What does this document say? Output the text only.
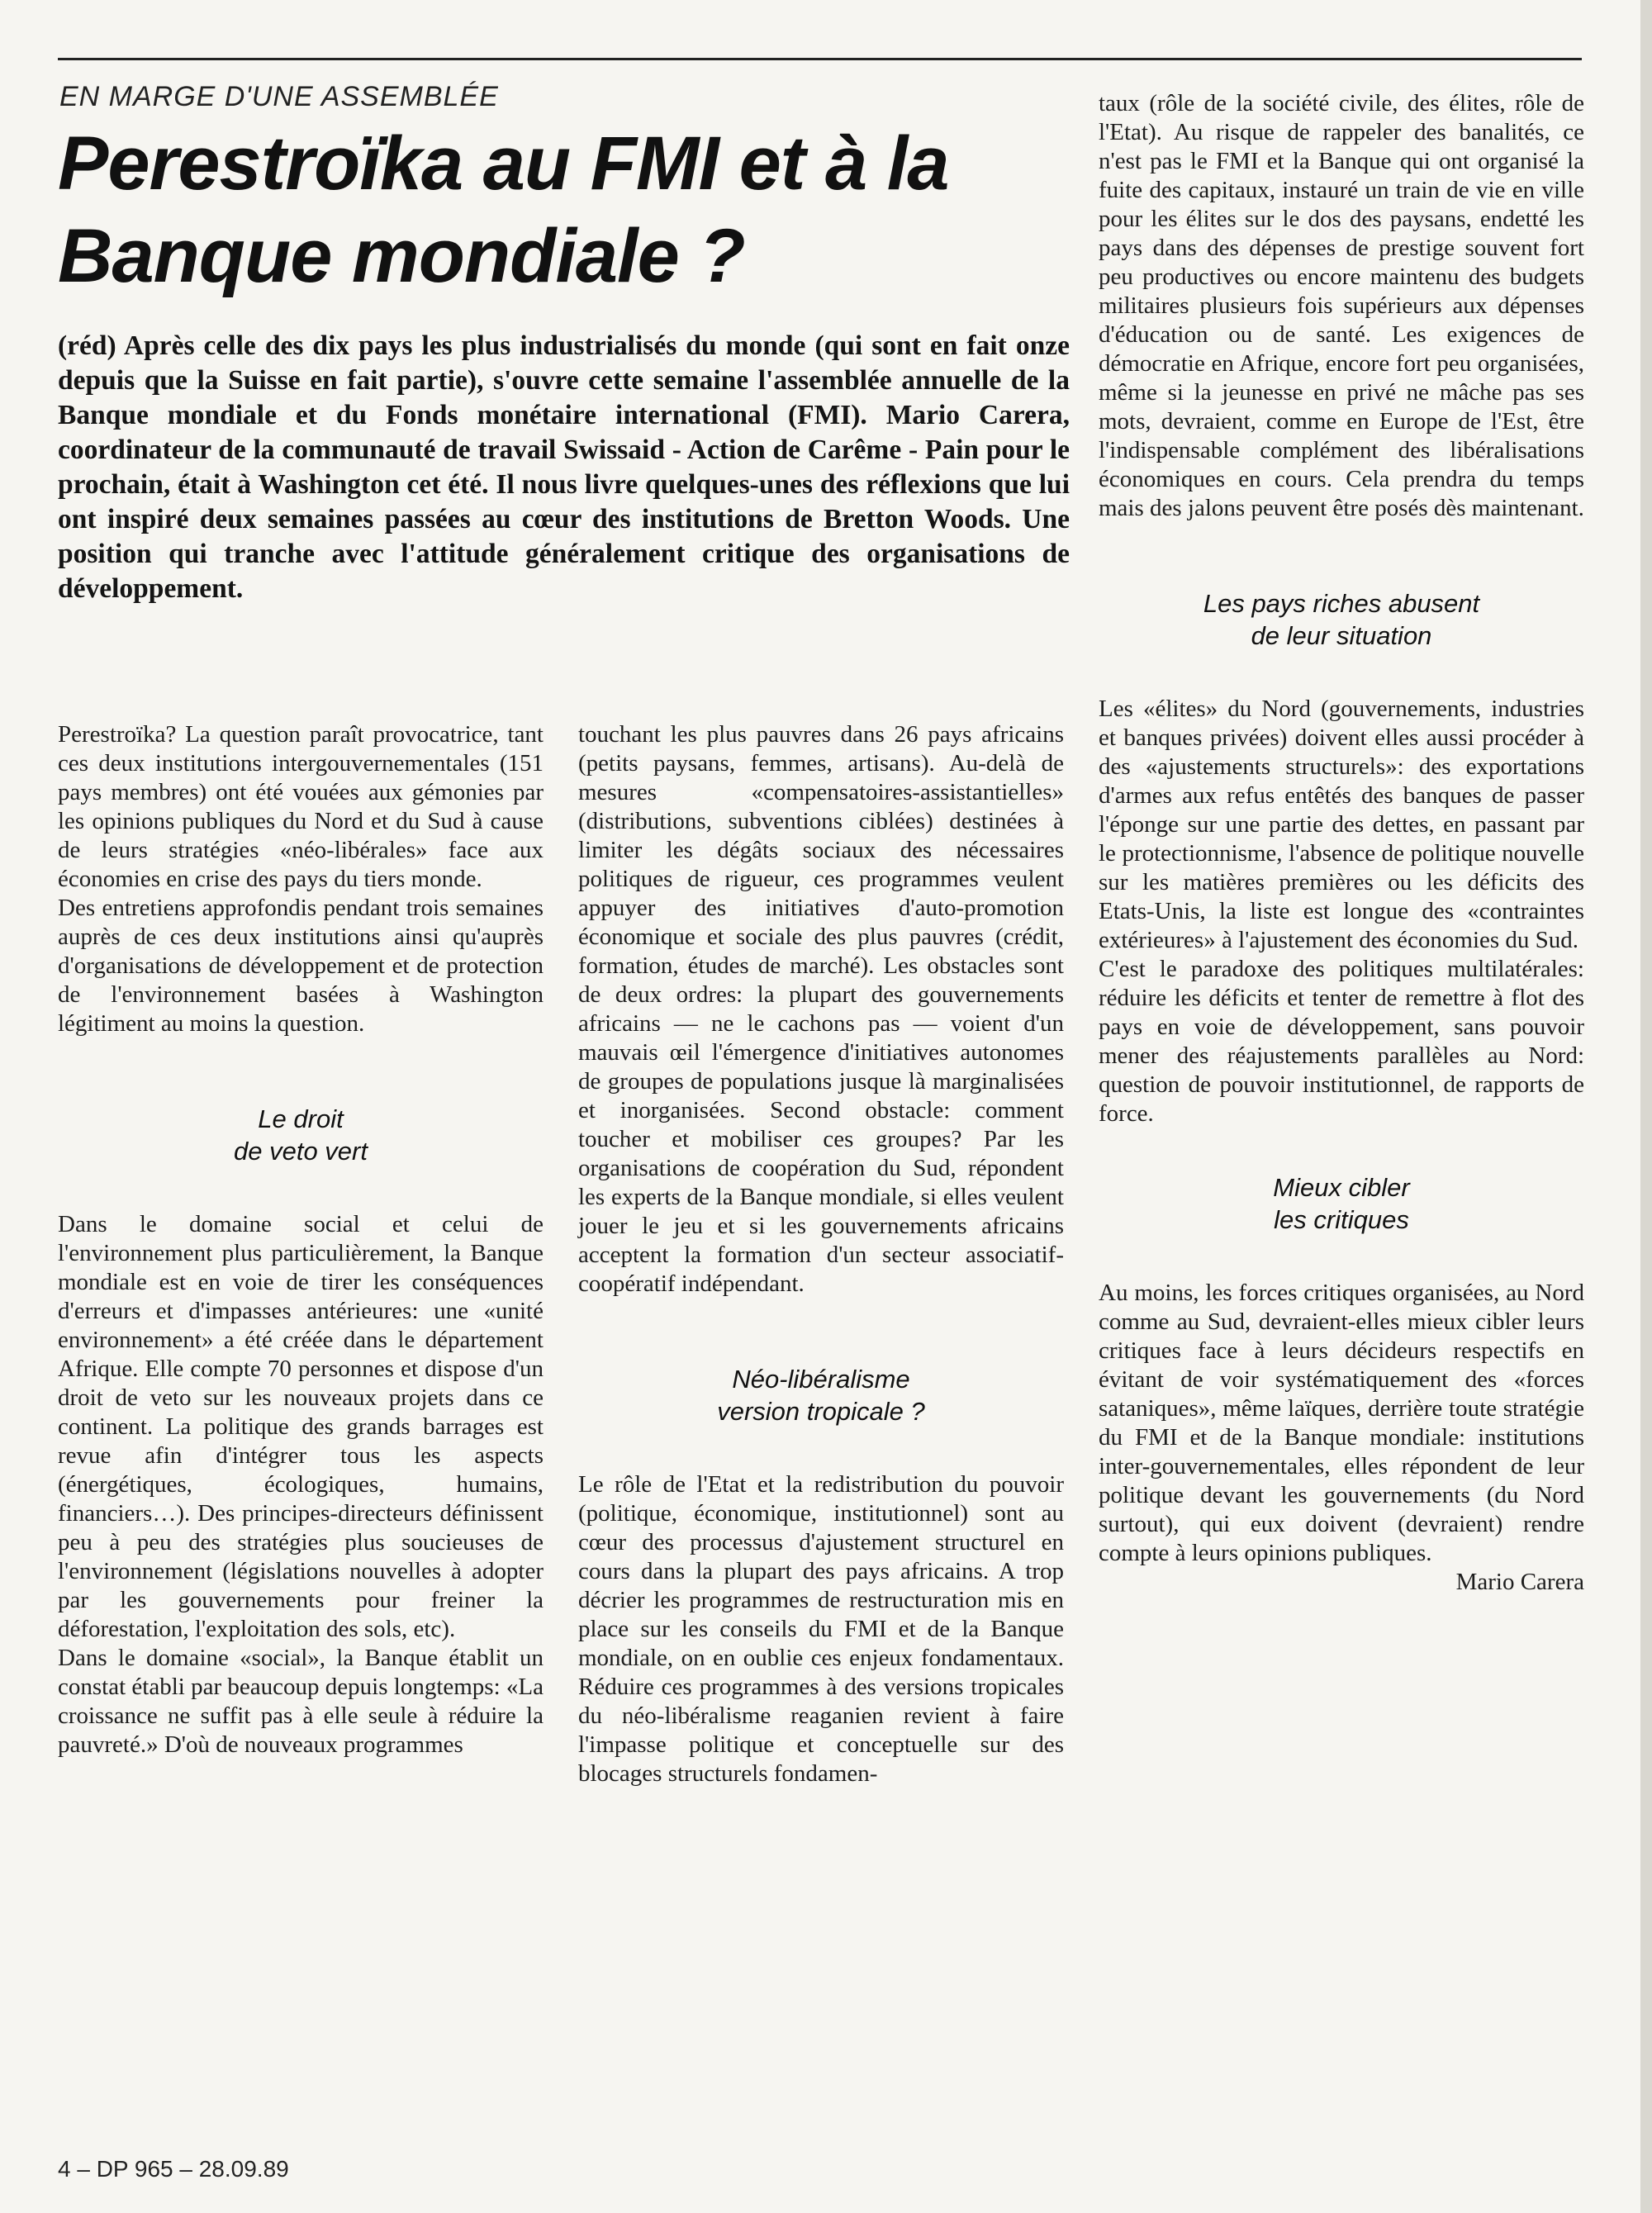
EN MARGE D'UNE ASSEMBLÉE
Perestroïka au FMI et à la
Banque mondiale ?

(réd) Après celle des dix pays les plus industrialisés du monde (qui sont en fait onze depuis que la Suisse en fait partie), s'ouvre cette semaine l'assemblée annuelle de la Banque mondiale et du Fonds monétaire international (FMI). Mario Carera, coordinateur de la communauté de travail Swissaid - Action de Carême - Pain pour le prochain, était à Washington cet été. Il nous livre quelques-unes des réflexions que lui ont inspiré deux semaines passées au cœur des institutions de Bretton Woods. Une position qui tranche avec l'attitude généralement critique des organisations de développement.

Perestroïka? La question paraît provocatrice, tant ces deux institutions intergouvernementales (151 pays membres) ont été vouées aux gémonies par les opinions publiques du Nord et du Sud à cause de leurs stratégies «néo-libérales» face aux économies en crise des pays du tiers monde.

Des entretiens approfondis pendant trois semaines auprès de ces deux institutions ainsi qu'auprès d'organisations de développement et de protection de l'environnement basées à Washington légitiment au moins la question.

Le droit
de veto vert

Dans le domaine social et celui de l'environnement plus particulièrement, la Banque mondiale est en voie de tirer les conséquences d'erreurs et d'impasses antérieures: une «unité environnement» a été créée dans le département Afrique. Elle compte 70 personnes et dispose d'un droit de veto sur les nouveaux projets dans ce continent. La politique des grands barrages est revue afin d'intégrer tous les aspects (énergétiques, écologiques, humains, financiers…). Des principes-directeurs définissent peu à peu des stratégies plus soucieuses de l'environnement (législations nouvelles à adopter par les gouvernements pour freiner la déforestation, l'exploitation des sols, etc).

Dans le domaine «social», la Banque établit un constat établi par beaucoup depuis longtemps: «La croissance ne suffit pas à elle seule à réduire la pauvreté.» D'où de nouveaux programmes

touchant les plus pauvres dans 26 pays africains (petits paysans, femmes, artisans). Au-delà de mesures «compensatoires-assistantielles» (distributions, subventions ciblées) destinées à limiter les dégâts sociaux des nécessaires politiques de rigueur, ces programmes veulent appuyer des initiatives d'auto-promotion économique et sociale des plus pauvres (crédit, formation, études de marché). Les obstacles sont de deux ordres: la plupart des gouvernements africains — ne le cachons pas — voient d'un mauvais œil l'émergence d'initiatives autonomes de groupes de populations jusque là marginalisées et inorganisées. Second obstacle: comment toucher et mobiliser ces groupes? Par les organisations de coopération du Sud, répondent les experts de la Banque mondiale, si elles veulent jouer le jeu et si les gouvernements africains acceptent la formation d'un secteur associatif-coopératif indépendant.

Néo-libéralisme
version tropicale ?

Le rôle de l'Etat et la redistribution du pouvoir (politique, économique, institutionnel) sont au cœur des processus d'ajustement structurel en cours dans la plupart des pays africains. A trop décrier les programmes de restructuration mis en place sur les conseils du FMI et de la Banque mondiale, on en oublie ces enjeux fondamentaux. Réduire ces programmes à des versions tropicales du néo-libéralisme reaganien revient à faire l'impasse politique et conceptuelle sur des blocages structurels fondamen-

taux (rôle de la société civile, des élites, rôle de l'Etat). Au risque de rappeler des banalités, ce n'est pas le FMI et la Banque qui ont organisé la fuite des capitaux, instauré un train de vie en ville pour les élites sur le dos des paysans, endetté les pays dans des dépenses de prestige souvent fort peu productives ou encore maintenu des budgets militaires plusieurs fois supérieurs aux dépenses d'éducation ou de santé. Les exigences de démocratie en Afrique, encore fort peu organisées, même si la jeunesse en privé ne mâche pas ses mots, devraient, comme en Europe de l'Est, être l'indispensable complément des libéralisations économiques en cours. Cela prendra du temps mais des jalons peuvent être posés dès maintenant.

Les pays riches abusent
de leur situation

Les «élites» du Nord (gouvernements, industries et banques privées) doivent elles aussi procéder à des «ajustements structurels»: des exportations d'armes aux refus entêtés des banques de passer l'éponge sur une partie des dettes, en passant par le protectionnisme, l'absence de politique nouvelle sur les matières premières ou les déficits des Etats-Unis, la liste est longue des «contraintes extérieures» à l'ajustement des économies du Sud.

C'est le paradoxe des politiques multilatérales: réduire les déficits et tenter de remettre à flot des pays en voie de développement, sans pouvoir mener des réajustements parallèles au Nord: question de pouvoir institutionnel, de rapports de force.

Mieux cibler
les critiques

Au moins, les forces critiques organisées, au Nord comme au Sud, devraient-elles mieux cibler leurs critiques face à leurs décideurs respectifs en évitant de voir systématiquement des «forces sataniques», même laïques, derrière toute stratégie du FMI et de la Banque mondiale: institutions inter-gouvernementales, elles répondent de leur politique devant les gouvernements (du Nord surtout), qui eux doivent (devraient) rendre compte à leurs opinions publiques.

Mario Carera

4 – DP 965 – 28.09.89
